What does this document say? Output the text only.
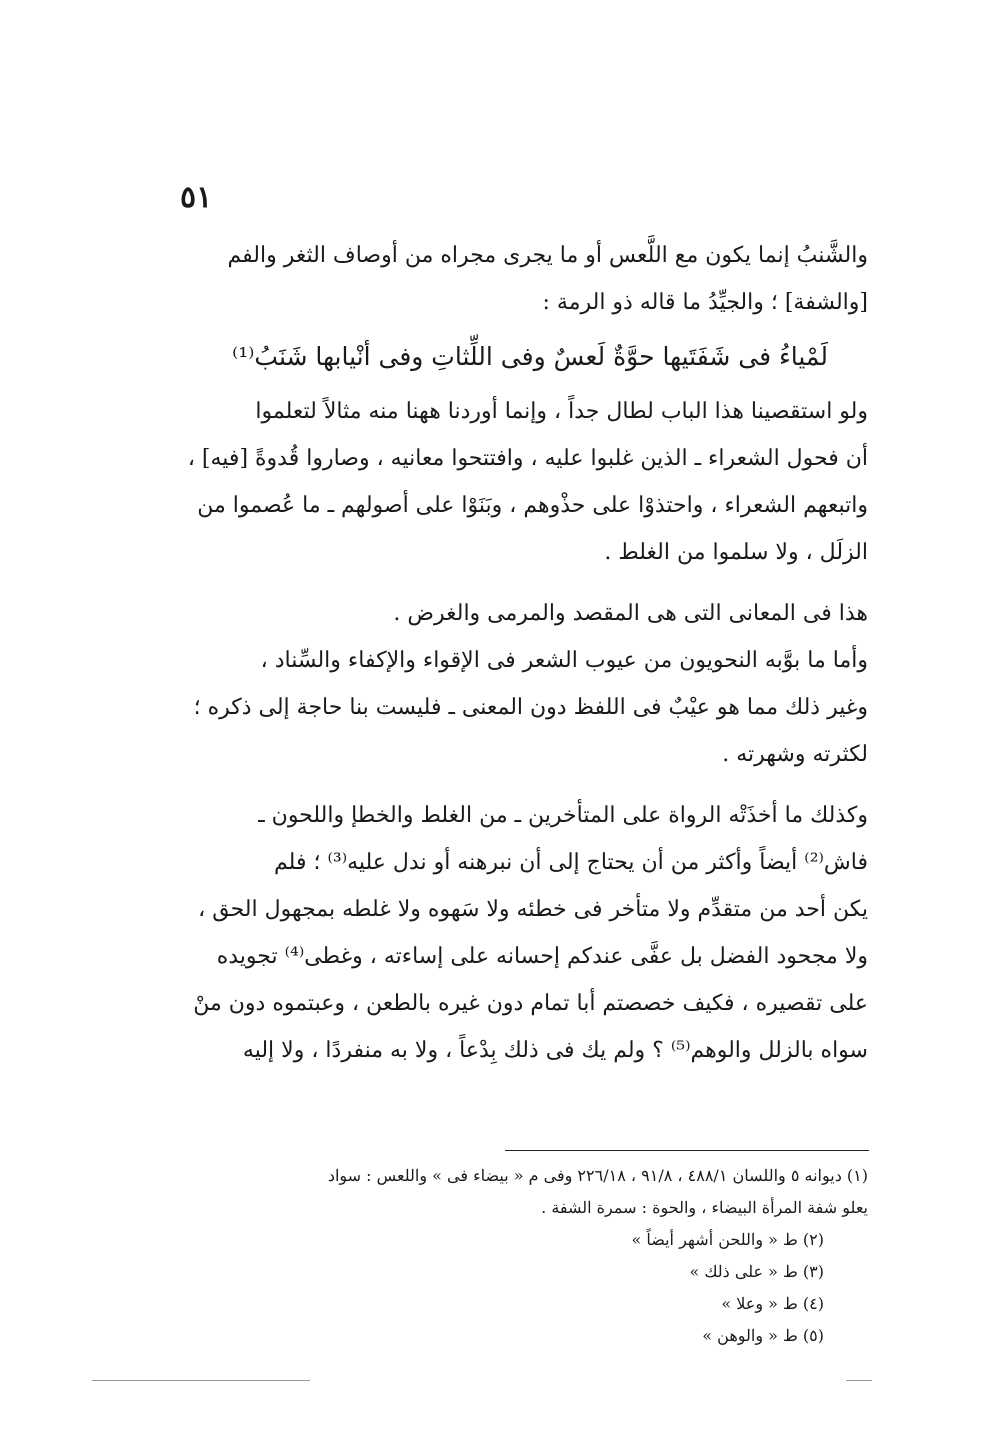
٥١
والشَّنبُ إنما يكون مع اللَّعس أو ما يجرى مجراه من أوصاف الثغر والفم
[والشفة] ؛ والجيِّدُ ما قاله ذو الرمة :
لَمْياءُ فى شَفَتَيها حوَّةٌ لَعسٌ وفى اللِّثاتِ وفى أنْيابها شَنَبُ⁽¹⁾
ولو استقصينا هذا الباب لطال جداً ، وإنما أوردنا ههنا منه مثالاً لتعلموا
أن فحول الشعراء ـ الذين غلبوا عليه ، وافتتحوا معانيه ، وصاروا قُدوةً [فيه] ،
واتبعهم الشعراء ، واحتذوْا على حذْوهم ، وبَنَوْا على أصولهم ـ ما عُصموا من
الزلَل ، ولا سلموا من الغلط .
هذا فى المعانى التى هى المقصد والمرمى والغرض .
وأما ما بوَّبه النحويون من عيوب الشعر فى الإقواء والإكفاء والسِّناد ،
وغير ذلك مما هو عيْبٌ فى اللفظ دون المعنى ـ فليست بنا حاجة إلى ذكره ؛
لكثرته وشهرته .
وكذلك ما أخذَتْه الرواة على المتأخرين ـ من الغلط والخطإ واللحون ـ
فاش⁽²⁾ أيضاً وأكثر من أن يحتاج إلى أن نبرهنه أو ندل عليه⁽³⁾ ؛ فلم
يكن أحد من متقدِّم ولا متأخر فى خطئه ولا سَهوه ولا غلطه بمجهول الحق ،
ولا مجحود الفضل بل عفَّى عندكم إحسانه على إساءته ، وغطى⁽⁴⁾ تجويده
على تقصيره ، فكيف خصصتم أبا تمام دون غيره بالطعن ، وعبتموه دون منْ
سواه بالزلل والوهم⁽⁵⁾ ؟ ولم يك فى ذلك بِدْعاً ، ولا به منفردًا ، ولا إليه
(١) ديوانه ٥ واللسان ٤٨٨/١ ، ٩١/٨ ، ٢٢٦/١٨ وفى م « بيضاء فى » واللعس : سواد
يعلو شفة المرأة البيضاء ، والحوة : سمرة الشفة .
(٢) ط « واللحن أشهر أيضاً »
(٣) ط « على ذلك »
(٤) ط « وعلا »
(٥) ط « والوهن »
